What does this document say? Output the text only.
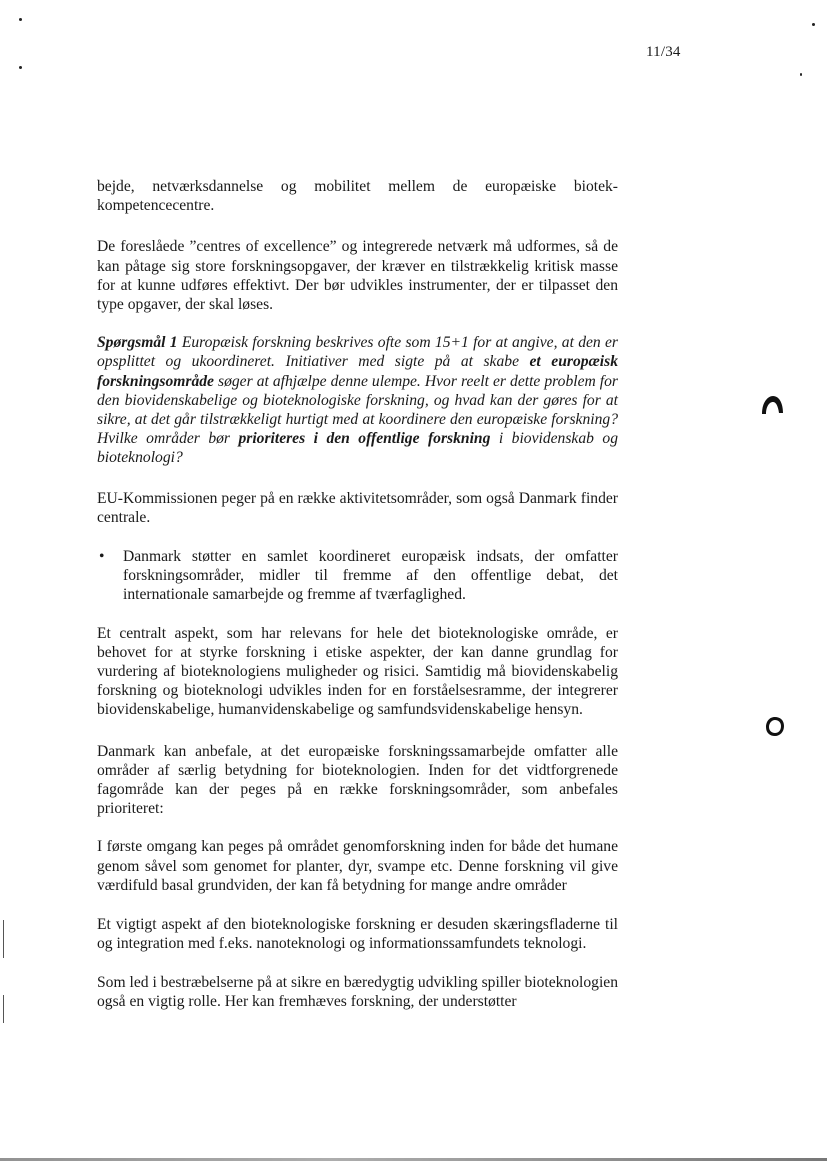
11/34

bejde, netværksdannelse og mobilitet mellem de europæiske biotek-kompetencecentre.

De foreslåede ”centres of excellence” og integrerede netværk må udformes, så de kan påtage sig store forskningsopgaver, der kræver en tilstrækkelig kritisk masse for at kunne udføres effektivt. Der bør udvikles instrumenter, der er tilpasset den type opgaver, der skal løses.

Spørgsmål 1 Europæisk forskning beskrives ofte som 15+1 for at angive, at den er opsplittet og ukoordineret. Initiativer med sigte på at skabe et europæisk forskningsområde søger at afhjælpe denne ulempe. Hvor reelt er dette problem for den biovidenskabelige og bioteknologiske forskning, og hvad kan der gøres for at sikre, at det går tilstrækkeligt hurtigt med at koordinere den europæiske forskning? Hvilke områder bør prioriteres i den offentlige forskning i biovidenskab og bioteknologi?

EU-Kommissionen peger på en række aktivitetsområder, som også Danmark finder centrale.

•	Danmark støtter en samlet koordineret europæisk indsats, der omfatter forskningsområder, midler til fremme af den offentlige debat, det internationale samarbejde og fremme af tværfaglighed.

Et centralt aspekt, som har relevans for hele det bioteknologiske område, er behovet for at styrke forskning i etiske aspekter, der kan danne grundlag for vurdering af bioteknologiens muligheder og risici. Samtidig må biovidenskabelig forskning og bioteknologi udvikles inden for en forståelsesramme, der integrerer biovidenskabelige, humanvidenskabelige og samfundsvidenskabelige hensyn.

Danmark kan anbefale, at det europæiske forskningssamarbejde omfatter alle områder af særlig betydning for bioteknologien. Inden for det vidtforgrenede fagområde kan der peges på en række forskningsområder, som anbefales prioriteret:

I første omgang kan peges på området genomforskning inden for både det humane genom såvel som genomet for planter, dyr, svampe etc. Denne forskning vil give værdifuld basal grundviden, der kan få betydning for mange andre områder

Et vigtigt aspekt af den bioteknologiske forskning er desuden skæringsfladerne til og integration med f.eks. nanoteknologi og informationssamfundets teknologi.

Som led i bestræbelserne på at sikre en bæredygtig udvikling spiller bioteknologien også en vigtig rolle. Her kan fremhæves forskning, der understøtter
